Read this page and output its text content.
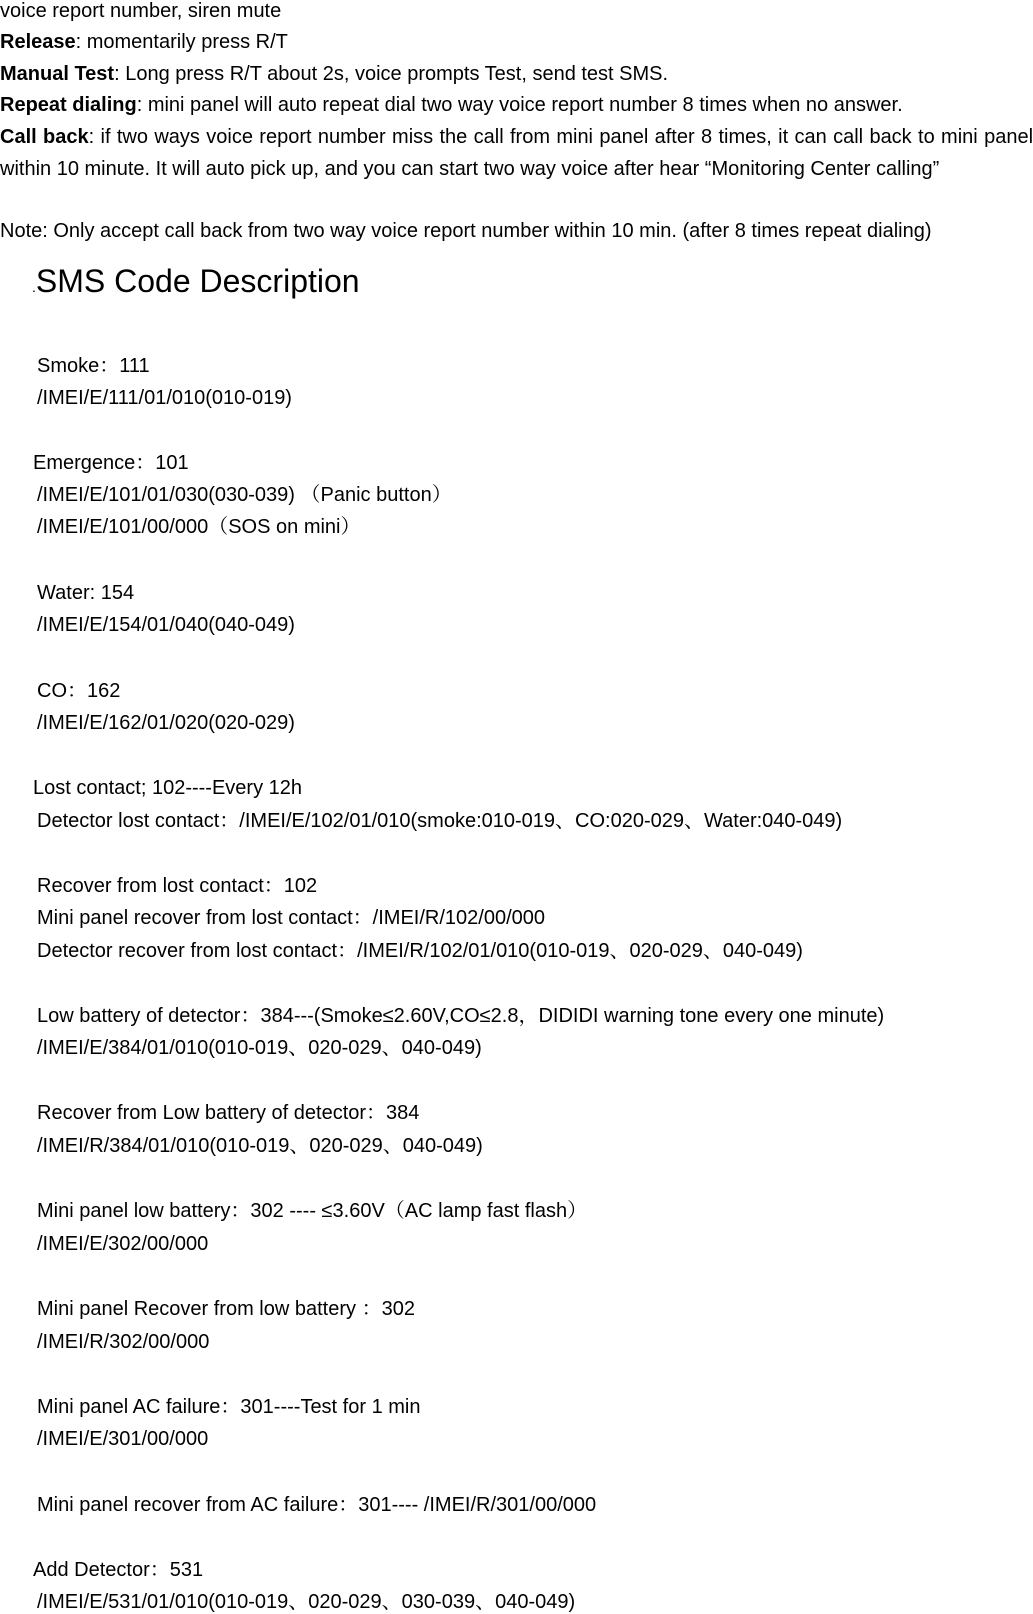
voice report number, siren mute
Release: momentarily press R/T
Manual Test: Long press R/T about 2s, voice prompts Test, send test SMS.
Repeat dialing: mini panel will auto repeat dial two way voice report number 8 times when no answer.
Call back: if two ways voice report number miss the call from mini panel after 8 times, it can call back to mini panel within 10 minute. It will auto pick up, and you can start two way voice after hear “Monitoring Center calling”
Note: Only accept call back from two way voice report number within 10 min. (after 8 times repeat dialing)
.SMS Code Description
Smoke：111
/IMEI/E/111/01/010(010-019)
Emergence：101
/IMEI/E/101/01/030(030-039) （Panic button）
/IMEI/E/101/00/000（SOS on mini）
Water: 154
/IMEI/E/154/01/040(040-049)
CO：162
/IMEI/E/162/01/020(020-029)
Lost contact; 102----Every 12h
Detector lost contact：/IMEI/E/102/01/010(smoke:010-019、CO:020-029、Water:040-049)
Recover from lost contact：102
Mini panel recover from lost contact：/IMEI/R/102/00/000
Detector recover from lost contact：/IMEI/R/102/01/010(010-019、020-029、040-049)
Low battery of detector：384---(Smoke≤2.60V,CO≤2.8，DIDIDI warning tone every one minute)
/IMEI/E/384/01/010(010-019、020-029、040-049)
Recover from Low battery of detector：384
/IMEI/R/384/01/010(010-019、020-029、040-049)
Mini panel low battery：302 ---- ≤3.60V（AC lamp fast flash）
/IMEI/E/302/00/000
Mini panel Recover from low battery ：302
/IMEI/R/302/00/000
Mini panel AC failure：301----Test for 1 min
/IMEI/E/301/00/000
Mini panel recover from AC failure：301---- /IMEI/R/301/00/000
Add Detector：531
/IMEI/E/531/01/010(010-019、020-029、030-039、040-049)
